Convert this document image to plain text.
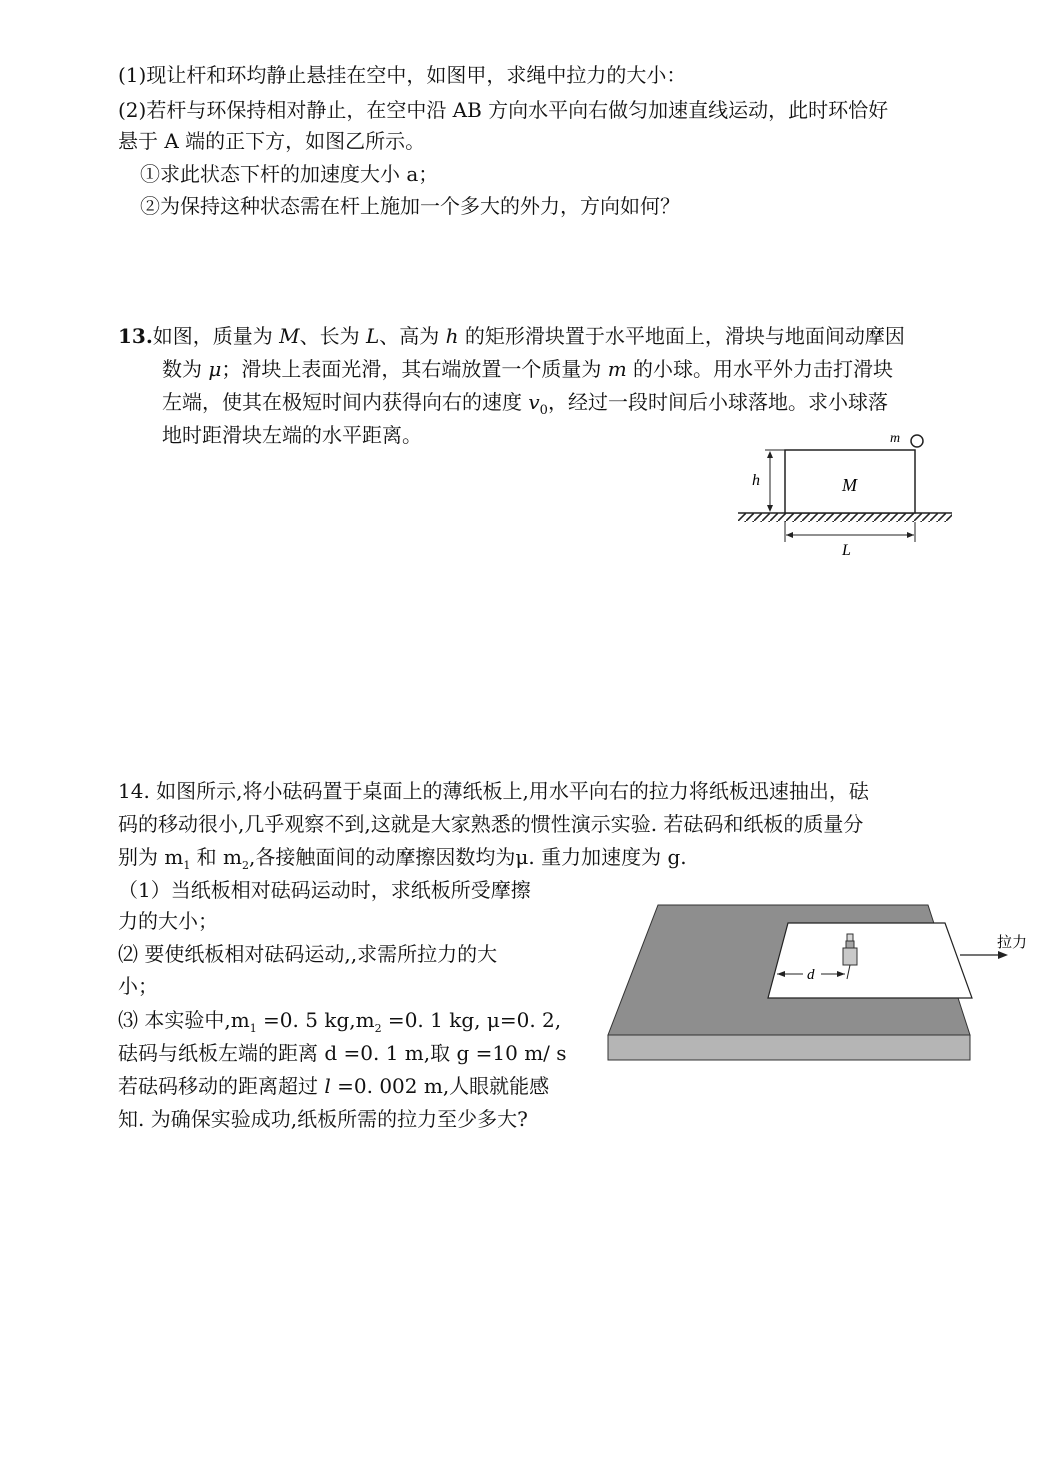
(1)现让杆和环均静止悬挂在空中，如图甲，求绳中拉力的大小：
(2)若杆与环保持相对静止，在空中沿 AB 方向水平向右做匀加速直线运动，此时环恰好
悬于 A 端的正下方，如图乙所示。
①求此状态下杆的加速度大小 a；
②为保持这种状态需在杆上施加一个多大的外力，方向如何？
13.如图，质量为 M、长为 L、高为 h 的矩形滑块置于水平地面上，滑块与地面间动摩因
数为 μ；滑块上表面光滑，其右端放置一个质量为 m 的小球。用水平外力击打滑块
左端，使其在极短时间内获得向右的速度 $v_0$，经过一段时间后小球落地。求小球落
地时距滑块左端的水平距离。	m
M
h
L
14. 如图所示,将小砝码置于桌面上的薄纸板上,用水平向右的拉力将纸板迅速抽出，砝
码的移动很小,几乎观察不到,这就是大家熟悉的惯性演示实验. 若砝码和纸板的质量分
别为 $m_1$ 和 $m_2$,各接触面间的动摩擦因数均为μ. 重力加速度为 g.
（1）当纸板相对砝码运动时，求纸板所受摩擦
力的大小；
⑵ 要使纸板相对砝码运动,,求需所拉力的大
小；
⑶ 本实验中$,m_1 =0$. 5 $kg,m_2 =0$. 1 kg, μ=0. 2,
砝码与纸板左端的距离 d =0. 1 m,取 g =10 m/ s
若砝码移动的距离超过 l =0. 002 m,人眼就能感
知. 为确保实验成功,纸板所需的拉力至少多大?
d
拉力
